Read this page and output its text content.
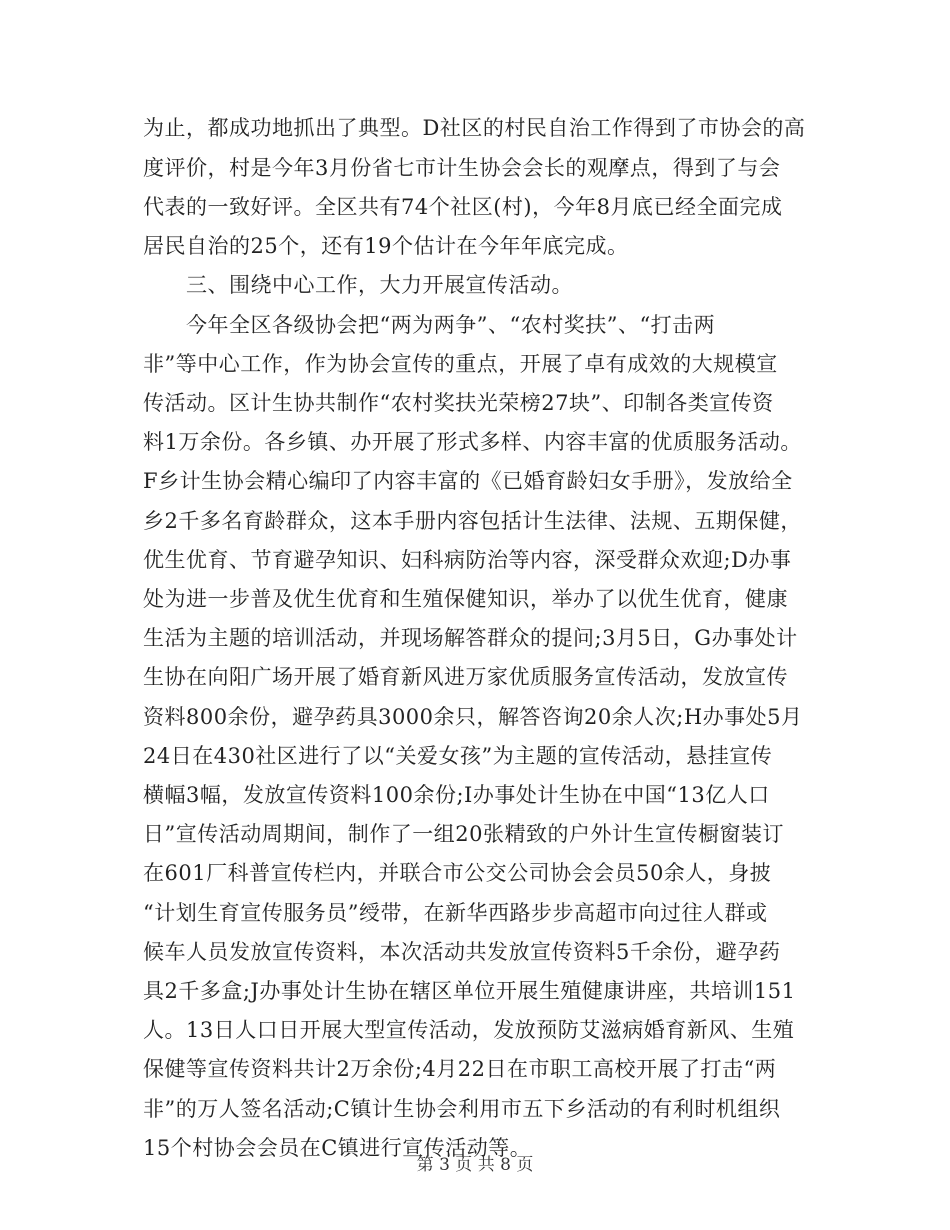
为止，都成功地抓出了典型。D社区的村民自治工作得到了市协会的高
度评价，村是今年3月份省七市计生协会会长的观摩点，得到了与会
代表的一致好评。全区共有74个社区(村)，今年8月底已经全面完成
居民自治的25个，还有19个估计在今年年底完成。
三、围绕中心工作，大力开展宣传活动。
今年全区各级协会把“两为两争”、“农村奖扶”、“打击两
非”等中心工作，作为协会宣传的重点，开展了卓有成效的大规模宣
传活动。区计生协共制作“农村奖扶光荣榜27块”、印制各类宣传资
料1万余份。各乡镇、办开展了形式多样、内容丰富的优质服务活动。
F乡计生协会精心编印了内容丰富的《已婚育龄妇女手册》，发放给全
乡2千多名育龄群众，这本手册内容包括计生法律、法规、五期保健，
优生优育、节育避孕知识、妇科病防治等内容，深受群众欢迎;D办事
处为进一步普及优生优育和生殖保健知识，举办了以优生优育，健康
生活为主题的培训活动，并现场解答群众的提问;3月5日，G办事处计
生协在向阳广场开展了婚育新风进万家优质服务宣传活动，发放宣传
资料800余份，避孕药具3000余只，解答咨询20余人次;H办事处5月
24日在430社区进行了以“关爱女孩”为主题的宣传活动，悬挂宣传
横幅3幅，发放宣传资料100余份;I办事处计生协在中国“13亿人口
日”宣传活动周期间，制作了一组20张精致的户外计生宣传橱窗装订
在601厂科普宣传栏内，并联合市公交公司协会会员50余人，身披
“计划生育宣传服务员”绶带，在新华西路步步高超市向过往人群或
候车人员发放宣传资料，本次活动共发放宣传资料5千余份，避孕药
具2千多盒;J办事处计生协在辖区单位开展生殖健康讲座，共培训151
人。13日人口日开展大型宣传活动，发放预防艾滋病婚育新风、生殖
保健等宣传资料共计2万余份;4月22日在市职工高校开展了打击“两
非”的万人签名活动;C镇计生协会利用市五下乡活动的有利时机组织
15个村协会会员在C镇进行宣传活动等。
第 3 页 共 8 页
